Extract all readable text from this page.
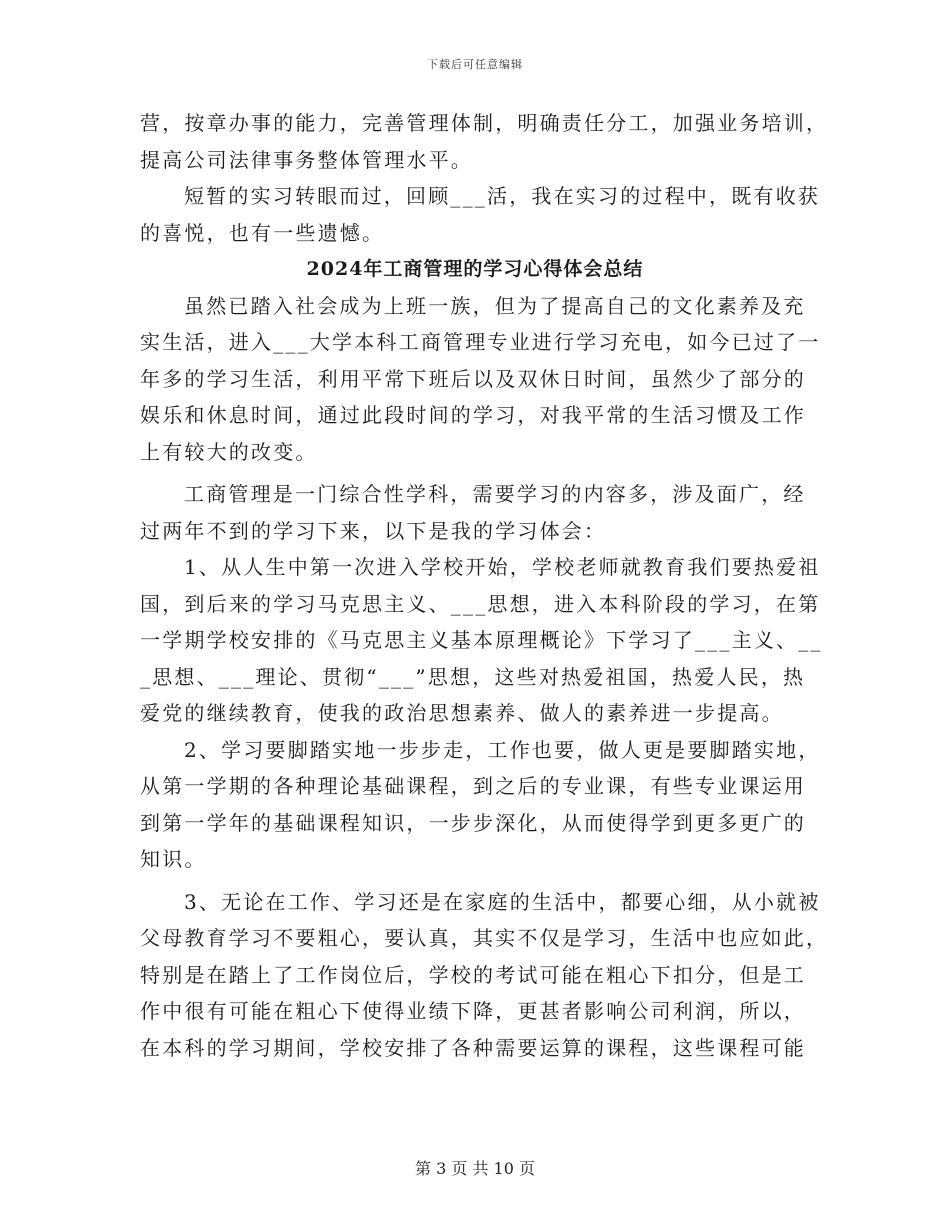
下载后可任意编辑
营，按章办事的能力，完善管理体制，明确责任分工，加强业务培训，
提高公司法律事务整体管理水平。
短暂的实习转眼而过，回顾___活，我在实习的过程中，既有收获
的喜悦，也有一些遗憾。
2024年工商管理的学习心得体会总结
虽然已踏入社会成为上班一族，但为了提高自己的文化素养及充
实生活，进入___大学本科工商管理专业进行学习充电，如今已过了一
年多的学习生活，利用平常下班后以及双休日时间，虽然少了部分的
娱乐和休息时间，通过此段时间的学习，对我平常的生活习惯及工作
上有较大的改变。
工商管理是一门综合性学科，需要学习的内容多，涉及面广，经
过两年不到的学习下来，以下是我的学习体会：
1、从人生中第一次进入学校开始，学校老师就教育我们要热爱祖
国，到后来的学习马克思主义、___思想，进入本科阶段的学习，在第
一学期学校安排的《马克思主义基本原理概论》下学习了___主义、__
_思想、___理论、贯彻“___”思想，这些对热爱祖国，热爱人民，热
爱党的继续教育，使我的政治思想素养、做人的素养进一步提高。
2、学习要脚踏实地一步步走，工作也要，做人更是要脚踏实地，
从第一学期的各种理论基础课程，到之后的专业课，有些专业课运用
到第一学年的基础课程知识，一步步深化，从而使得学到更多更广的
知识。
3、无论在工作、学习还是在家庭的生活中，都要心细，从小就被
父母教育学习不要粗心，要认真，其实不仅是学习，生活中也应如此，
特别是在踏上了工作岗位后，学校的考试可能在粗心下扣分，但是工
作中很有可能在粗心下使得业绩下降，更甚者影响公司利润，所以，
在本科的学习期间，学校安排了各种需要运算的课程，这些课程可能
第 3 页 共 10 页
